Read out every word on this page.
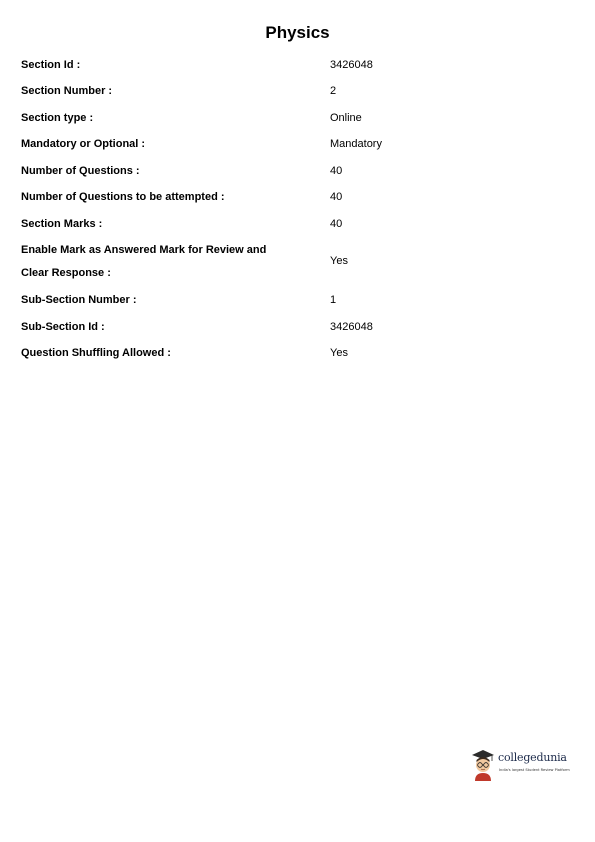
Physics
Section Id :	3426048
Section Number :	2
Section type :	Online
Mandatory or Optional :	Mandatory
Number of Questions :	40
Number of Questions to be attempted :	40
Section Marks :	40
Enable Mark as Answered Mark for Review and
Clear Response :
Yes
Sub-Section Number :	1
Sub-Section Id :	3426048
Question Shuffling Allowed :	Yes
collegedunia
India's largest Student Review Platform
